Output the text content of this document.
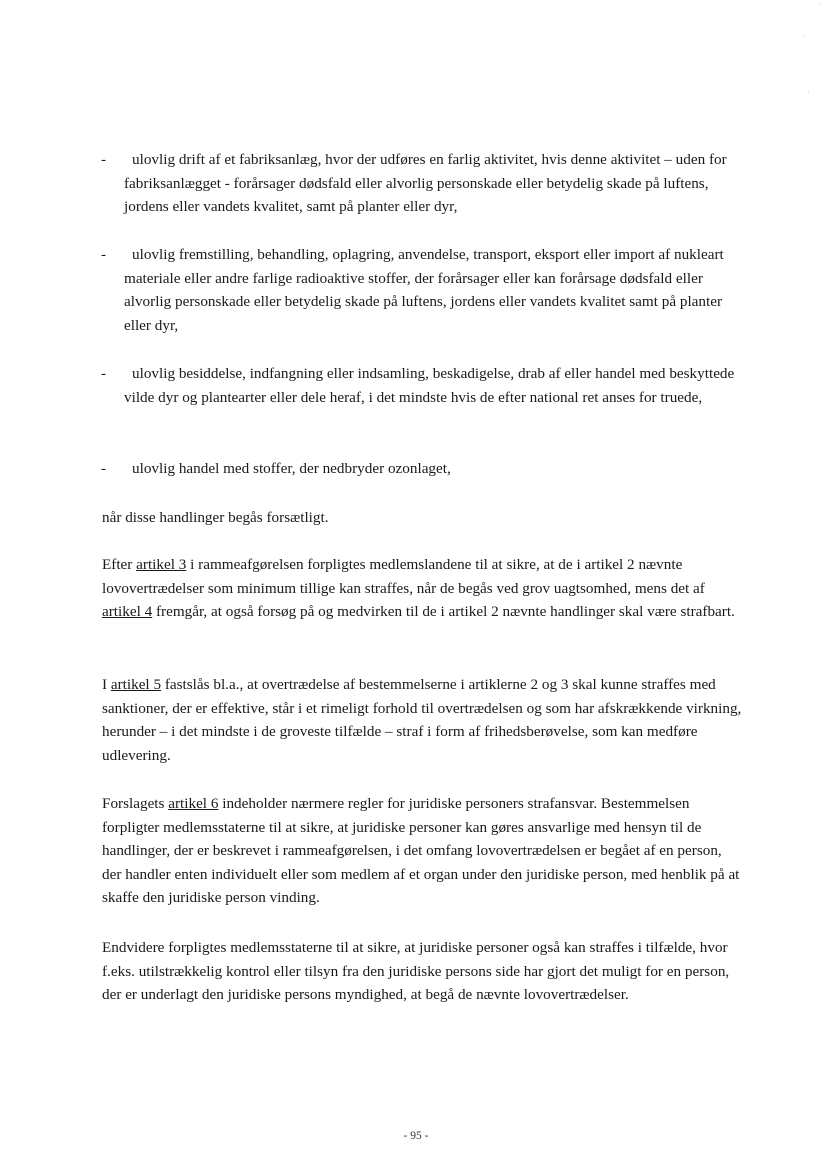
-	ulovlig drift af et fabriksanlæg, hvor der udføres en farlig aktivitet, hvis denne aktivitet – uden for fabriksanlægget - forårsager dødsfald eller alvorlig personskade eller betydelig skade på luftens, jordens eller vandets kvalitet, samt på planter eller dyr,
-	ulovlig fremstilling, behandling, oplagring, anvendelse, transport, eksport eller import af nukleart materiale eller andre farlige radioaktive stoffer, der forårsager eller kan forårsage dødsfald eller alvorlig personskade eller betydelig skade på luftens, jordens eller vandets kvalitet samt på planter eller dyr,
-	ulovlig besiddelse, indfangning eller indsamling, beskadigelse, drab af eller handel med beskyttede vilde dyr og plantearter eller dele heraf, i det mindste hvis de efter national ret anses for truede,
-	ulovlig handel med stoffer, der nedbryder ozonlaget,
når disse handlinger begås forsætligt.
Efter artikel 3 i rammeafgørelsen forpligtes medlemslandene til at sikre, at de i artikel 2 nævnte lovovertrædelser som minimum tillige kan straffes, når de begås ved grov uagtsomhed, mens det af artikel 4 fremgår, at også forsøg på og medvirken til de i artikel 2 nævnte handlinger skal være strafbart.
I artikel 5 fastslås bl.a., at overtrædelse af bestemmelserne i artiklerne 2 og 3 skal kunne straffes med sanktioner, der er effektive, står i et rimeligt forhold til overtrædelsen og som har afskrækkende virkning, herunder – i det mindste i de groveste tilfælde – straf i form af frihedsberøvelse, som kan medføre udlevering.
Forslagets artikel 6 indeholder nærmere regler for juridiske personers strafansvar. Bestemmelsen forpligter medlemsstaterne til at sikre, at juridiske personer kan gøres ansvarlige med hensyn til de handlinger, der er beskrevet i rammeafgørelsen, i det omfang lovovertrædelsen er begået af en person, der handler enten individuelt eller som medlem af et organ under den juridiske person, med henblik på at skaffe den juridiske person vinding.
Endvidere forpligtes medlemsstaterne til at sikre, at juridiske personer også kan straffes i tilfælde, hvor f.eks. utilstrækkelig kontrol eller tilsyn fra den juridiske persons side har gjort det muligt for en person, der er underlagt den juridiske persons myndighed, at begå de nævnte lovovertrædelser.
- 95 -
